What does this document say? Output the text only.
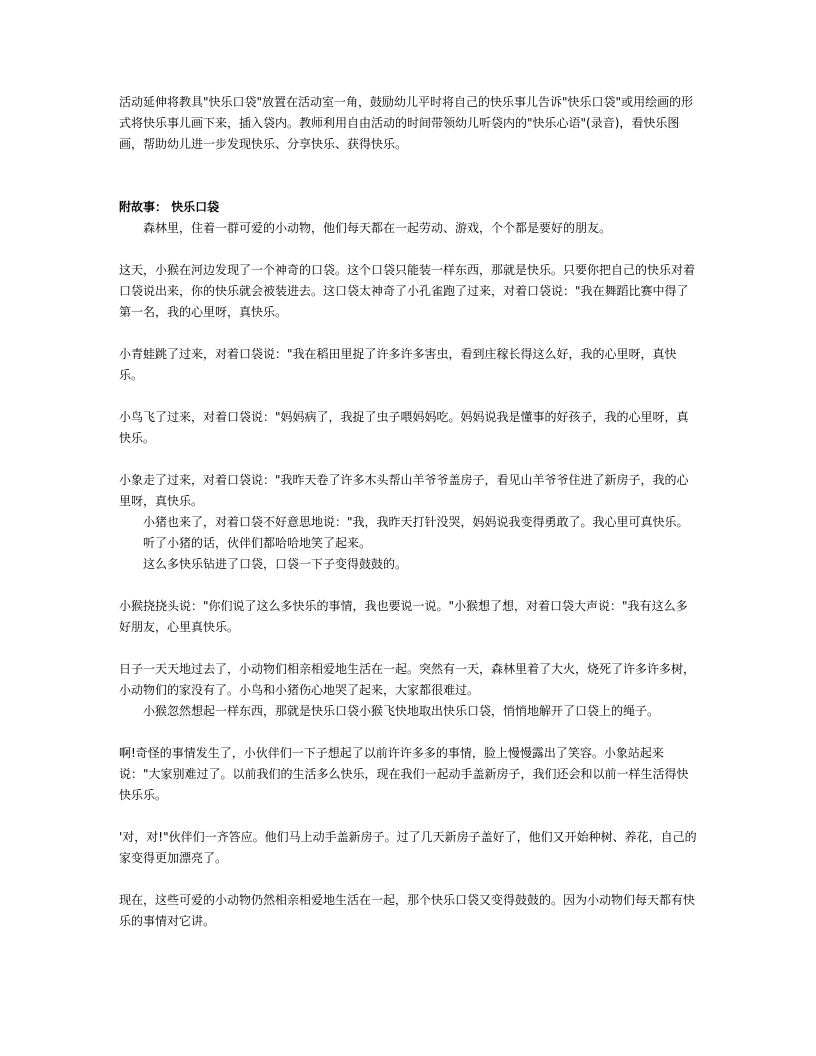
活动延伸将教具"快乐口袋"放置在活动室一角，鼓励幼儿平时将自己的快乐事儿告诉"快乐口袋"或用绘画的形式将快乐事儿画下来，插入袋内。教师利用自由活动的时间带领幼儿听袋内的"快乐心语"(录音)，看快乐图画，帮助幼儿进一步发现快乐、分享快乐、获得快乐。

附故事： 快乐口袋

森林里，住着一群可爱的小动物，他们每天都在一起劳动、游戏，个个都是要好的朋友。

这天，小猴在河边发现了一个神奇的口袋。这个口袋只能装一样东西，那就是快乐。只要你把自己的快乐对着口袋说出来，你的快乐就会被装进去。这口袋太神奇了小孔雀跑了过来，对着口袋说："我在舞蹈比赛中得了第一名，我的心里呀，真快乐。

小青蛙跳了过来，对着口袋说："我在稻田里捉了许多许多害虫，看到庄稼长得这么好，我的心里呀，真快乐。

小鸟飞了过来，对着口袋说："妈妈病了，我捉了虫子喂妈妈吃。妈妈说我是懂事的好孩子，我的心里呀，真快乐。

小象走了过来，对着口袋说："我昨天卷了许多木头帮山羊爷爷盖房子，看见山羊爷爷住进了新房子，我的心里呀，真快乐。

小猪也来了，对着口袋不好意思地说："我，我昨天打针没哭，妈妈说我变得勇敢了。我心里可真快乐。

听了小猪的话，伙伴们都哈哈地笑了起来。

这么多快乐钻进了口袋，口袋一下子变得鼓鼓的。

小猴挠挠头说："你们说了这么多快乐的事情，我也要说一说。"小猴想了想，对着口袋大声说："我有这么多好朋友，心里真快乐。

日子一天天地过去了，小动物们相亲相爱地生活在一起。突然有一天，森林里着了大火，烧死了许多许多树，小动物们的家没有了。小鸟和小猪伤心地哭了起来，大家都很难过。

小猴忽然想起一样东西，那就是快乐口袋小猴飞快地取出快乐口袋，悄悄地解开了口袋上的绳子。

啊!奇怪的事情发生了，小伙伴们一下子想起了以前许许多多的事情，脸上慢慢露出了笑容。小象站起来说："大家别难过了。以前我们的生活多么快乐，现在我们一起动手盖新房子，我们还会和以前一样生活得快快乐乐。

'对，对!"伙伴们一齐答应。他们马上动手盖新房子。过了几天新房子盖好了，他们又开始种树、养花，自己的家变得更加漂亮了。

现在，这些可爱的小动物仍然相亲相爱地生活在一起，那个快乐口袋又变得鼓鼓的。因为小动物们每天都有快乐的事情对它讲。
